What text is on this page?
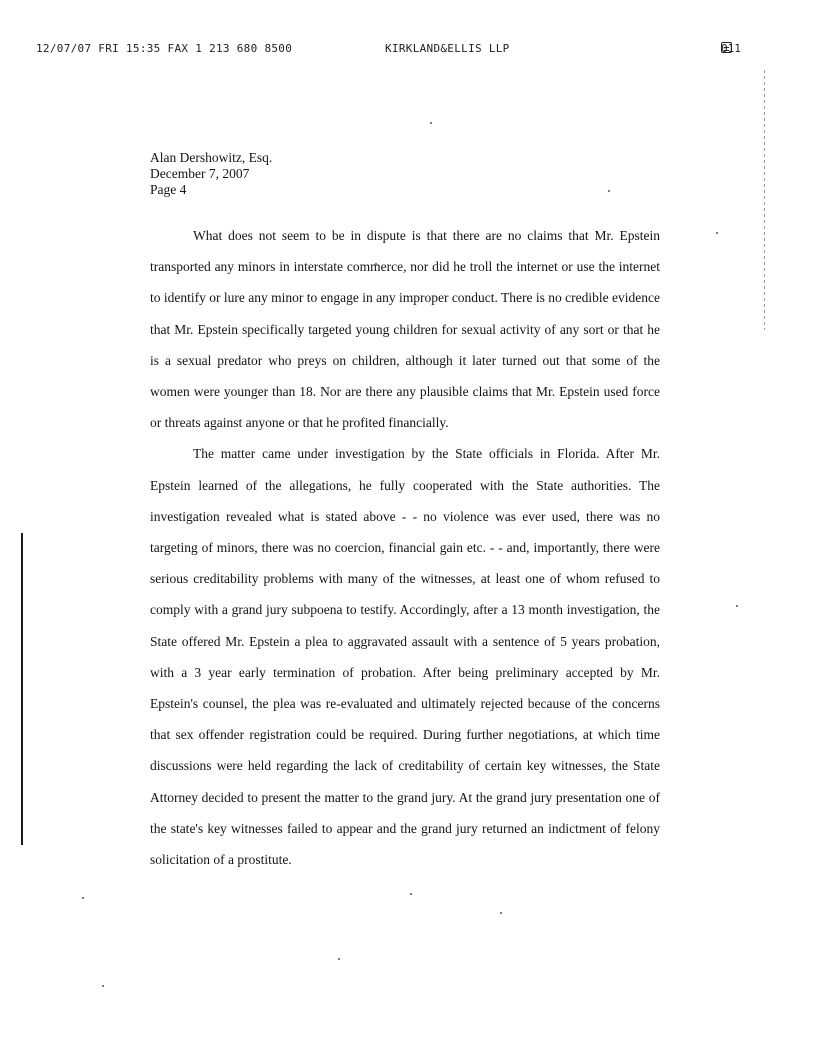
12/07/07 FRI 15:35 FAX 1 213 680 8500	KIRKLAND&ELLIS LLP	011
Alan Dershowitz, Esq.
December 7, 2007
Page 4

What does not seem to be in dispute is that there are no claims that Mr. Epstein transported any minors in interstate commerce, nor did he troll the internet or use the internet to identify or lure any minor to engage in any improper conduct. There is no credible evidence that Mr. Epstein specifically targeted young children for sexual activity of any sort or that he is a sexual predator who preys on children, although it later turned out that some of the women were younger than 18. Nor are there any plausible claims that Mr. Epstein used force or threats against anyone or that he profited financially.

The matter came under investigation by the State officials in Florida. After Mr. Epstein learned of the allegations, he fully cooperated with the State authorities. The investigation revealed what is stated above - - no violence was ever used, there was no targeting of minors, there was no coercion, financial gain etc. - - and, importantly, there were serious creditability problems with many of the witnesses, at least one of whom refused to comply with a grand jury subpoena to testify. Accordingly, after a 13 month investigation, the State offered Mr. Epstein a plea to aggravated assault with a sentence of 5 years probation, with a 3 year early termination of probation. After being preliminary accepted by Mr. Epstein's counsel, the plea was re-evaluated and ultimately rejected because of the concerns that sex offender registration could be required. During further negotiations, at which time discussions were held regarding the lack of creditability of certain key witnesses, the State Attorney decided to present the matter to the grand jury. At the grand jury presentation one of the state's key witnesses failed to appear and the grand jury returned an indictment of felony solicitation of a prostitute.
